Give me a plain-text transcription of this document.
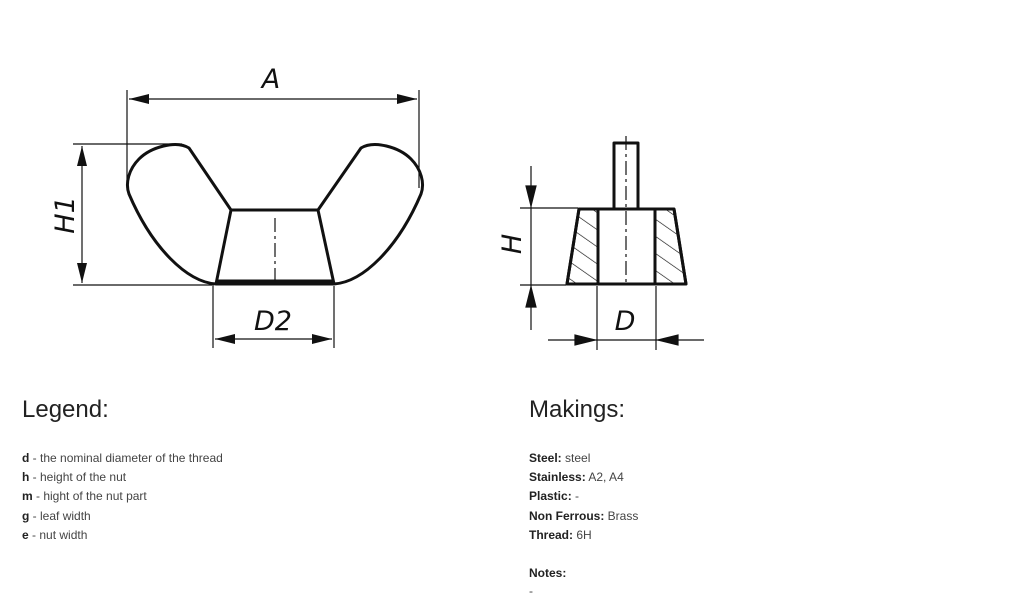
A
H1
D2
H
D
Legend:
d - the nominal diameter of the thread
h - height of the nut
m - hight of the nut part
g - leaf width
e - nut width
Makings:
Steel: steel
Stainless: A2, A4
Plastic: -
Non Ferrous: Brass
Thread: 6H
Notes:
-
